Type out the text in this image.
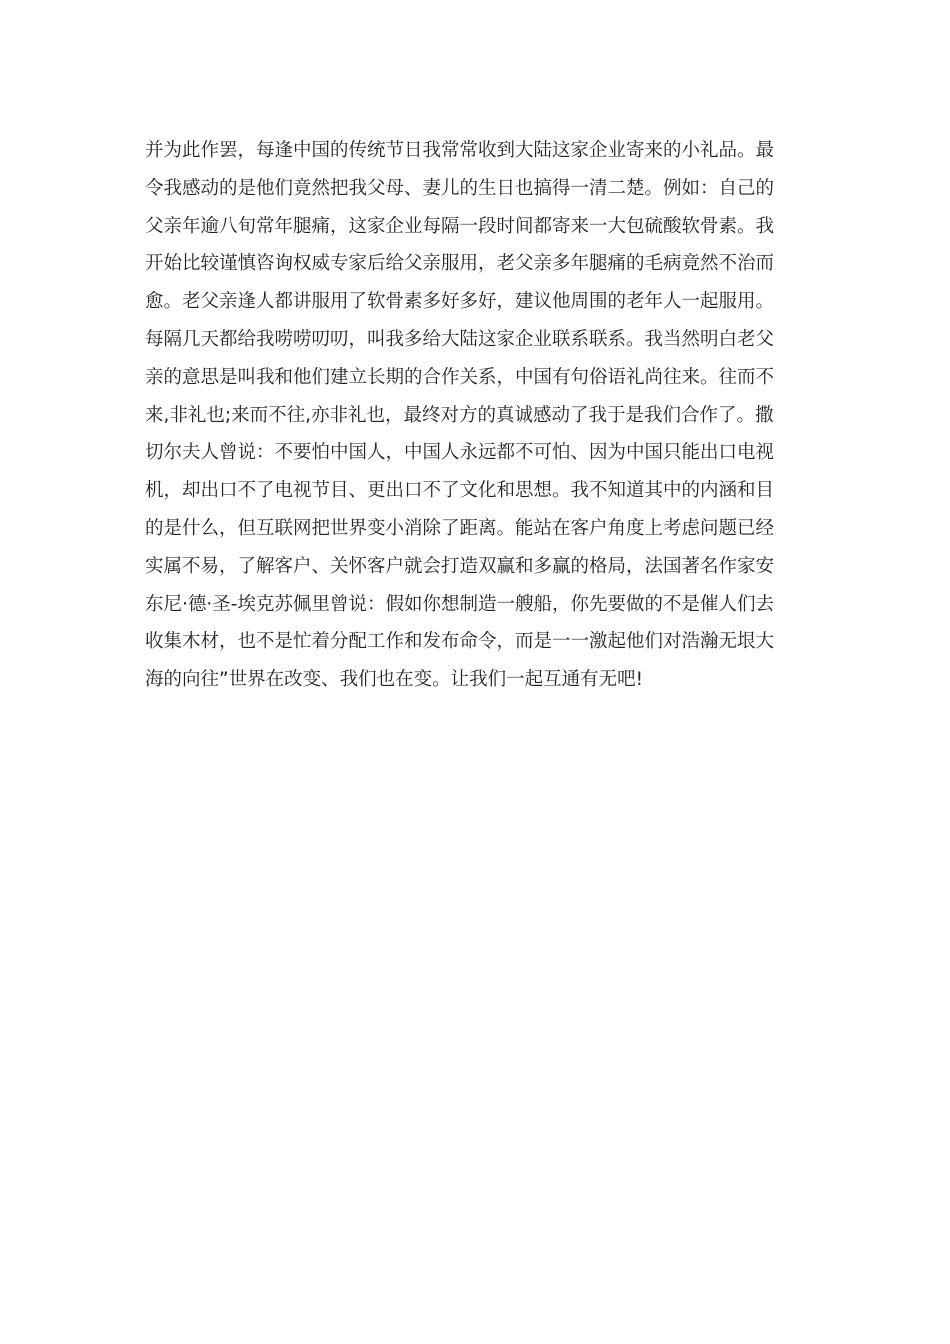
并为此作罢，每逢中国的传统节日我常常收到大陆这家企业寄来的小礼品。最
令我感动的是他们竟然把我父母、妻儿的生日也搞得一清二楚。例如：自己的
父亲年逾八旬常年腿痛，这家企业每隔一段时间都寄来一大包硫酸软骨素。我
开始比较谨慎咨询权威专家后给父亲服用，老父亲多年腿痛的毛病竟然不治而
愈。老父亲逢人都讲服用了软骨素多好多好，建议他周围的老年人一起服用。
每隔几天都给我唠唠叨叨，叫我多给大陆这家企业联系联系。我当然明白老父
亲的意思是叫我和他们建立长期的合作关系，中国有句俗语礼尚往来。往而不
来,非礼也;来而不往,亦非礼也，最终对方的真诚感动了我于是我们合作了。撒
切尔夫人曾说：不要怕中国人，中国人永远都不可怕、因为中国只能出口电视
机，却出口不了电视节目、更出口不了文化和思想。我不知道其中的内涵和目
的是什么，但互联网把世界变小消除了距离。能站在客户角度上考虑问题已经
实属不易，了解客户、关怀客户就会打造双赢和多赢的格局，法国著名作家安
东尼·德·圣-埃克苏佩里曾说：假如你想制造一艘船，你先要做的不是催人们去
收集木材，也不是忙着分配工作和发布命令，而是一一激起他们对浩瀚无垠大
海的向往”世界在改变、我们也在变。让我们一起互通有无吧!
